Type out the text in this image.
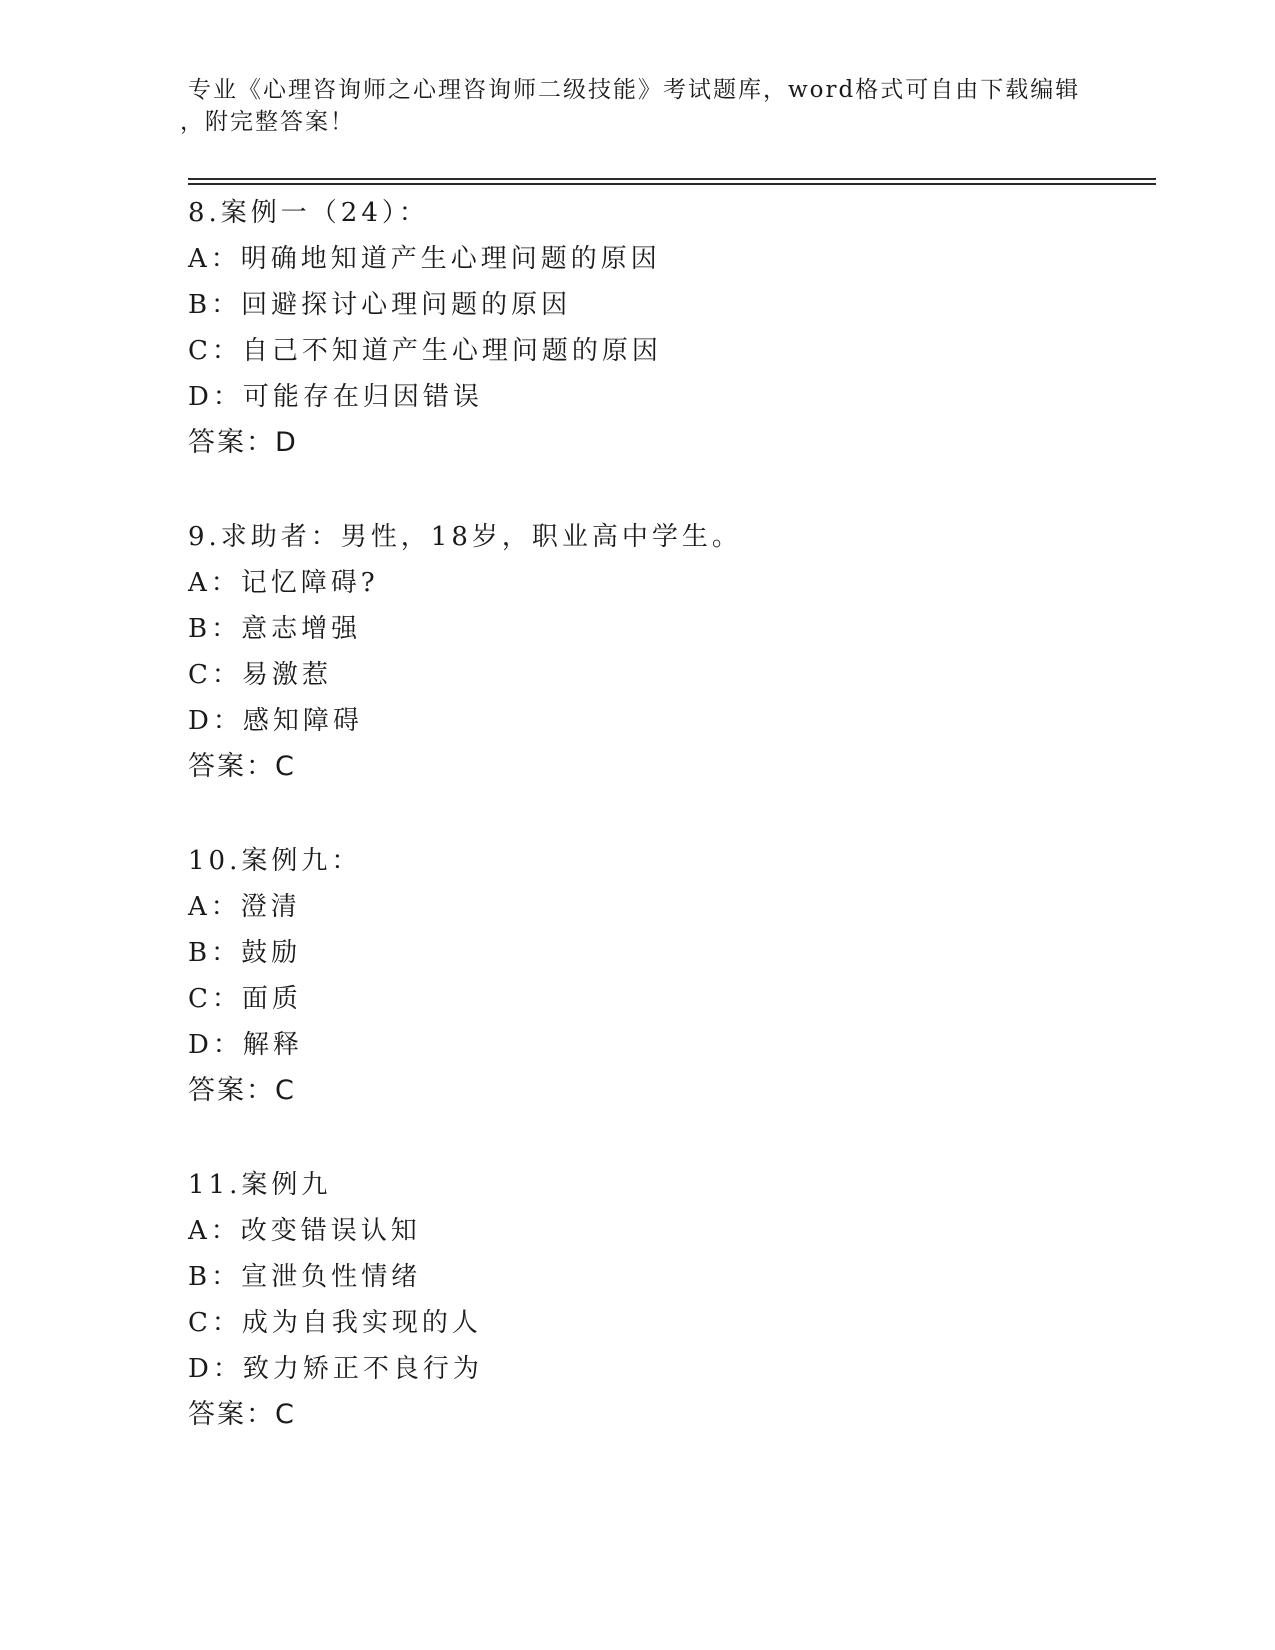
专业《心理咨询师之心理咨询师二级技能》考试题库，word格式可自由下载编辑
，附完整答案！
8.案例一（24）：
A：明确地知道产生心理问题的原因
B：回避探讨心理问题的原因
C：自己不知道产生心理问题的原因
D：可能存在归因错误
答案：D
9.求助者：男性，18岁，职业高中学生。
A：记忆障碍?
B：意志增强
C：易激惹
D：感知障碍
答案：C
10.案例九：
A：澄清
B：鼓励
C：面质
D：解释
答案：C
11.案例九
A：改变错误认知
B：宣泄负性情绪
C：成为自我实现的人
D：致力矫正不良行为
答案：C
